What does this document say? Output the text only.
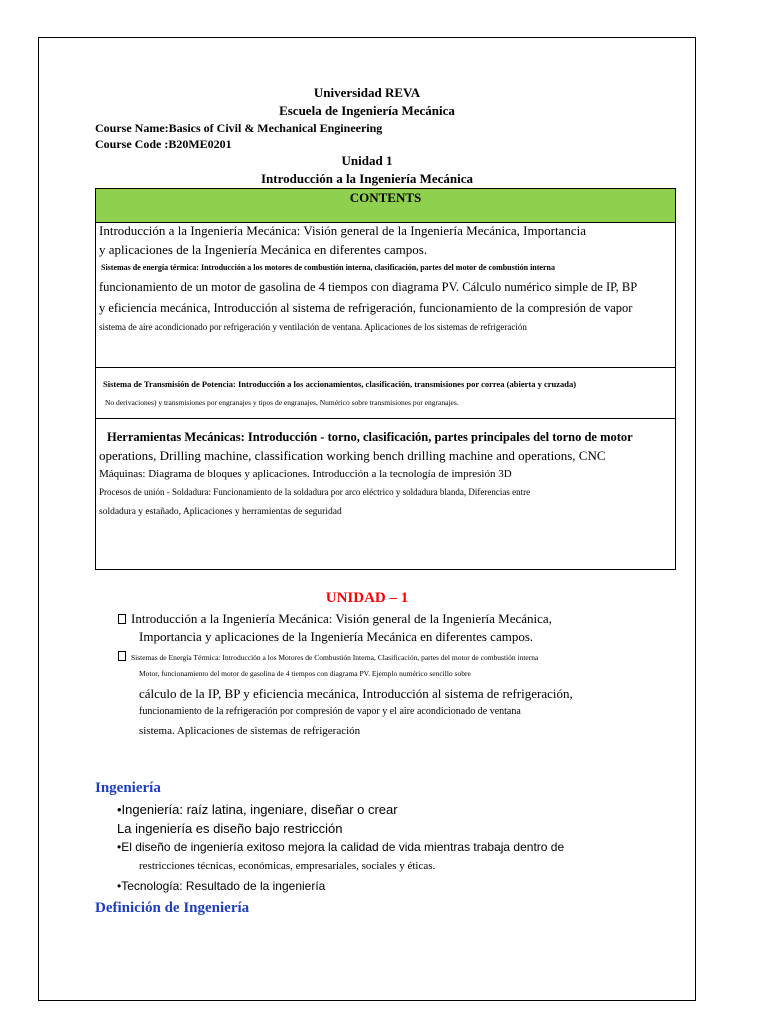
Universidad REVA
Escuela de Ingeniería Mecánica
Course Name:Basics of Civil & Mechanical Engineering
Course Code :B20ME0201
Unidad 1
Introducción a la Ingeniería Mecánica
CONTENTS
Introducción a la Ingeniería Mecánica: Visión general de la Ingeniería Mecánica, Importancia
y aplicaciones de la Ingeniería Mecánica en diferentes campos.
Sistemas de energía térmica: Introducción a los motores de combustión interna, clasificación, partes del motor de combustión interna
funcionamiento de un motor de gasolina de 4 tiempos con diagrama PV. Cálculo numérico simple de IP, BP
y eficiencia mecánica, Introducción al sistema de refrigeración, funcionamiento de la compresión de vapor
sistema de aire acondicionado por refrigeración y ventilación de ventana. Aplicaciones de los sistemas de refrigeración
Sistema de Transmisión de Potencia: Introducción a los accionamientos, clasificación, transmisiones por correa (abierta y cruzada)
No derivaciones) y transmisiones por engranajes y tipos de engranajes, Numérico sobre transmisiones por engranajes.
Herramientas Mecánicas: Introducción - torno, clasificación, partes principales del torno de motor
operations, Drilling machine, classification working bench drilling machine and operations, CNC
Máquinas: Diagrama de bloques y aplicaciones. Introducción a la tecnología de impresión 3D
Procesos de unión - Soldadura: Funcionamiento de la soldadura por arco eléctrico y soldadura blanda, Diferencias entre
soldadura y estañado, Aplicaciones y herramientas de seguridad
UNIDAD – 1
Introducción a la Ingeniería Mecánica: Visión general de la Ingeniería Mecánica,
Importancia y aplicaciones de la Ingeniería Mecánica en diferentes campos.
Sistemas de Energía Térmica: Introducción a los Motores de Combustión Interna, Clasificación, partes del motor de combustión interna
Motor, funcionamiento del motor de gasolina de 4 tiempos con diagrama PV. Ejemplo numérico sencillo sobre
cálculo de la IP, BP y eficiencia mecánica, Introducción al sistema de refrigeración,
funcionamiento de la refrigeración por compresión de vapor y el aire acondicionado de ventana
sistema. Aplicaciones de sistemas de refrigeración
Ingeniería
•Ingeniería: raíz latina, ingeniare, diseñar o crear
La ingeniería es diseño bajo restricción
•El diseño de ingeniería exitoso mejora la calidad de vida mientras trabaja dentro de
restricciones técnicas, económicas, empresariales, sociales y éticas.
•Tecnología: Resultado de la ingeniería
Definición de Ingeniería
